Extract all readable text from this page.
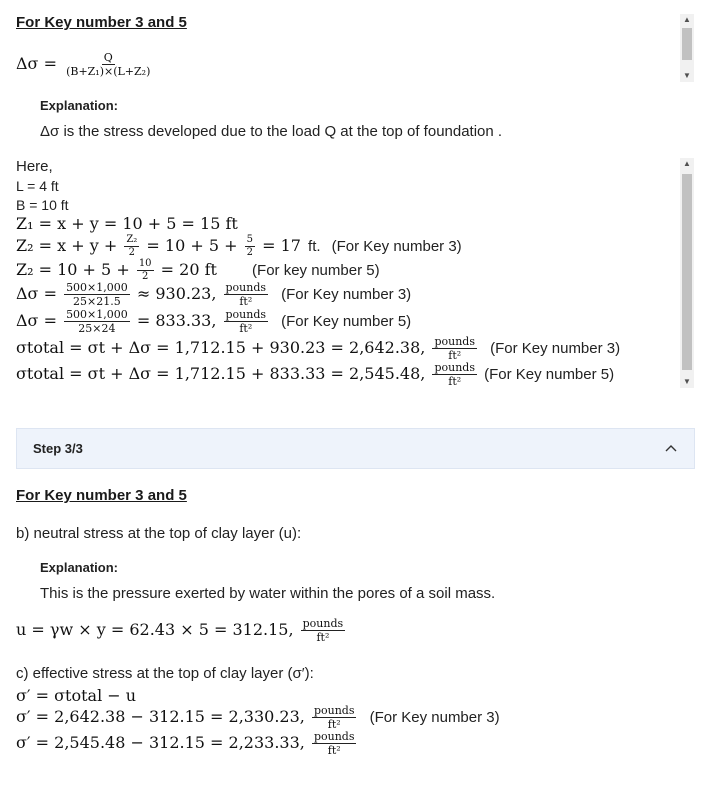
For Key number 3 and 5
$\Delta\sigma = \frac{Q}{\text{(B+Z₁)×(L+Z₂)}}$
▲
▼
Explanation:
Δσ is the stress developed due to the load Q at the top of foundation .
Here,
L = 4 ft
B = 10 ft
Z₁ = x + y = 10 + 5 = 15 ft
$Z_2 = x + y + \frac{\text{Z₂}}{2} = 10 + 5 + \frac{5}{2} = 17$ ft. (For Key number 3)
$Z_2 = 10 + 5 + \frac{10}{2} = 20$ ft (For key number 5)
$\Delta\sigma = \frac{500\times 1,000}{25\times 21.5} \approx 930.23$, $\frac{\text{pounds}}{\text{ft²}} (For$ Key number 3)
$\Delta\sigma = \frac{500\times 1,000}{25\times 24} = 833.33$, $\frac{\text{pounds}}{\text{ft²}} (For$ Key number 5)
σtotal = σt + Δσ = 1,712.15 + 930.23 = 2,642.38, $\frac{\text{pounds}}{\text{ft²}} (For$ Key number 3)
σtotal = σt + Δσ = 1,712.15 + 833.33 = 2,545.48, $\frac{\text{pounds}}{\text{ft²}} (For$ Key number 5)
▲
▼
Step 3/3
For Key number 3 and 5
b) neutral stress at the top of clay layer (u):
Explanation:
This is the pressure exerted by water within the pores of a soil mass.
u = γw × y = 62.43 × 5 = 312.15, $\frac{\text{pounds}}{\text{ft²}}$
c) effective stress at the top of clay layer (σ′):
σ′ = σtotal − u
σ′ = 2,642.38 − 312.15 = 2,330.23, $\frac{\text{pounds}}{\text{ft²}} (For$ Key number 3)
σ′ = 2,545.48 − 312.15 = 2,233.33, $\frac{\text{pounds}}{\text{ft²}}$
